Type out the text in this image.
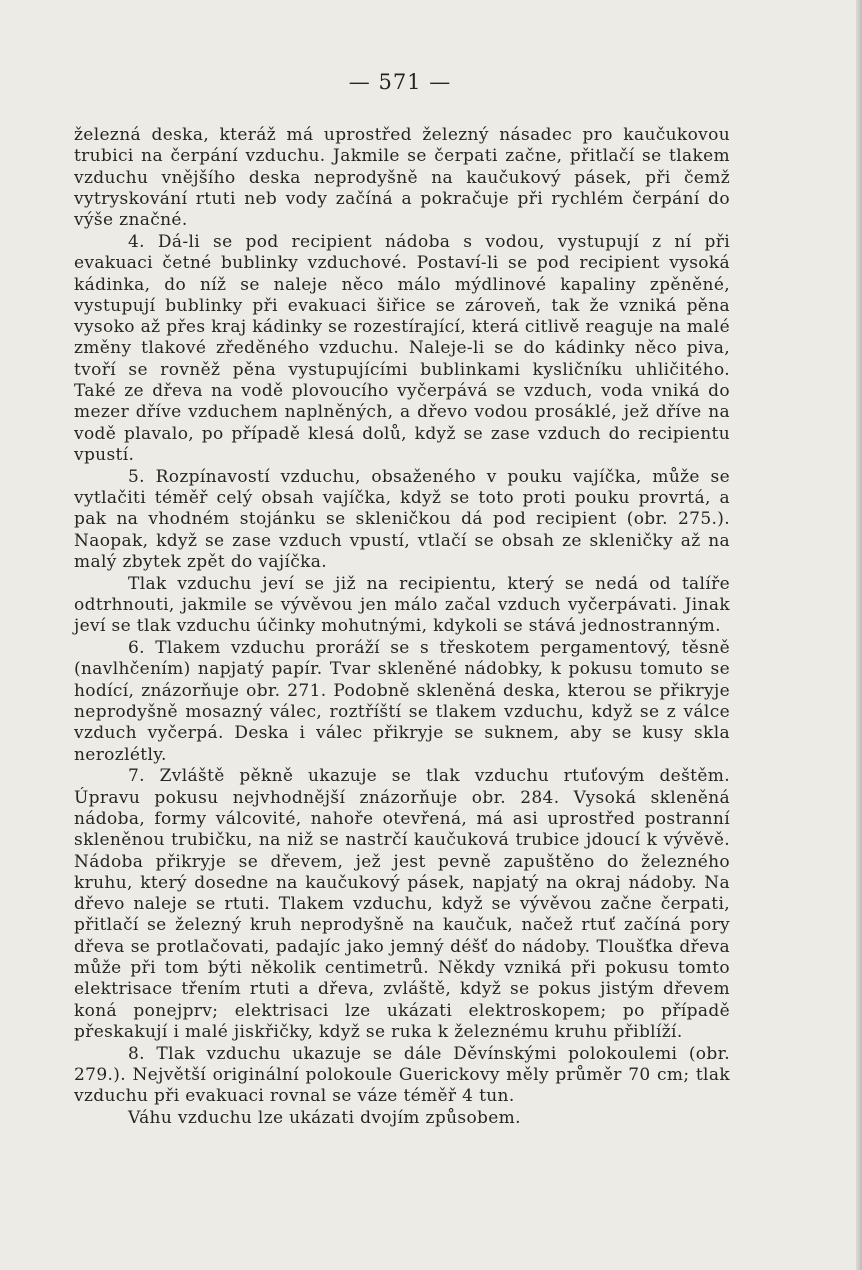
— 571 —

železná deska, kteráž má uprostřed železný násadec pro kaučukovou trubici na čerpání vzduchu. Jakmile se čerpati začne, přitlačí se tlakem vzduchu vnějšího deska neprodyšně na kaučukový pásek, při čemž vytryskování rtuti neb vody začíná a pokračuje při rychlém čerpání do výše značné.

4. Dá-li se pod recipient nádoba s vodou, vystupují z ní při evakuaci četné bublinky vzduchové. Postaví-li se pod recipient vysoká kádinka, do níž se naleje něco málo mýdlinové kapaliny zpěněné, vystupují bublinky při evakuaci šiřice se zároveň, tak že vzniká pěna vysoko až přes kraj kádinky se rozestírající, která citlivě reaguje na malé změny tlakové zředěného vzduchu. Naleje-li se do kádinky něco piva, tvoří se rovněž pěna vystupujícími bublinkami kysličníku uhličitého. Také ze dřeva na vodě plovoucího vyčerpává se vzduch, voda vniká do mezer dříve vzduchem naplněných, a dřevo vodou prosáklé, jež dříve na vodě plavalo, po případě klesá dolů, když se zase vzduch do recipientu vpustí.

5. Rozpínavostí vzduchu, obsaženého v pouku vajíčka, může se vytlačiti téměř celý obsah vajíčka, když se toto proti pouku provrtá, a pak na vhodném stojánku se skleničkou dá pod recipient (obr. 275.). Naopak, když se zase vzduch vpustí, vtlačí se obsah ze skleničky až na malý zbytek zpět do vajíčka.

Tlak vzduchu jeví se již na recipientu, který se nedá od talíře odtrhnouti, jakmile se vývěvou jen málo začal vzduch vyčerpávati. Jinak jeví se tlak vzduchu účinky mohutnými, kdykoli se stává jednostranným.

6. Tlakem vzduchu proráží se s třeskotem pergamentový, těsně (navlhčením) napjatý papír. Tvar skleněné nádobky, k pokusu tomuto se hodící, znázorňuje obr. 271. Podobně skleněná deska, kterou se přikryje neprodyšně mosazný válec, roztříští se tlakem vzduchu, když se z válce vzduch vyčerpá. Deska i válec přikryje se suknem, aby se kusy skla nerozlétly.

7. Zvláště pěkně ukazuje se tlak vzduchu rtuťovým deštěm. Úpravu pokusu nejvhodnější znázorňuje obr. 284. Vysoká skleněná nádoba, formy válcovité, nahoře otevřená, má asi uprostřed postranní skleněnou trubičku, na niž se nastrčí kaučuková trubice jdoucí k vývěvě. Nádoba přikryje se dřevem, jež jest pevně zapuštěno do železného kruhu, který dosedne na kaučukový pásek, napjatý na okraj nádoby. Na dřevo naleje se rtuti. Tlakem vzduchu, když se vývěvou začne čerpati, přitlačí se železný kruh neprodyšně na kaučuk, načež rtuť začíná pory dřeva se protlačovati, padajíc jako jemný déšť do nádoby. Tloušťka dřeva může při tom býti několik centimetrů. Někdy vzniká při pokusu tomto elektrisace třením rtuti a dřeva, zvláště, když se pokus jistým dřevem koná ponejprv; elektrisaci lze ukázati elektroskopem; po případě přeskakují i malé jiskřičky, když se ruka k železnému kruhu přiblíží.

8. Tlak vzduchu ukazuje se dále Děvínskými polokoulemi (obr. 279.). Největší originální polokoule Guerickovy měly průměr 70 cm; tlak vzduchu při evakuaci rovnal se váze téměř 4 tun.

Váhu vzduchu lze ukázati dvojím způsobem.
